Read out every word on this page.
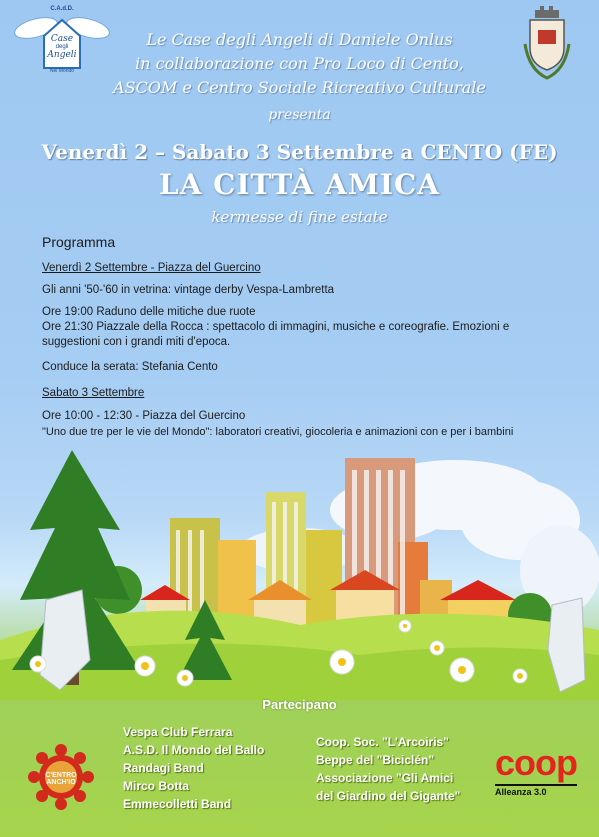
C.A.d.D.
Case
degli
Angeli
Nel Mondo
Le Case degli Angeli di Daniele Onlus
in collaborazione con Pro Loco di Cento,
ASCOM e Centro Sociale Ricreativo Culturale
presenta
Venerdì 2 – Sabato 3 Settembre a CENTO (FE)
LA CITTÀ AMICA
kermesse di fine estate
Programma
Venerdì 2 Settembre - Piazza del Guercino
Gli anni '50-'60 in vetrina: vintage derby Vespa-Lambretta
Ore 19:00 Raduno delle mitiche due ruote
Ore 21:30 Piazzale della Rocca : spettacolo di immagini, musiche e coreografie. Emozioni e
suggestioni con i grandi miti d'epoca.
Conduce la serata: Stefania Cento
Sabato 3 Settembre
Ore 10:00 - 12:30 - Piazza del Guercino
"Uno due tre per le vie del Mondo": laboratori creativi, giocoleria e animazioni con e per i bambini
Partecipano
Vespa Club Ferrara
A.S.D. Il Mondo del Ballo
Randagi Band
Mirco Botta
Emmecolletti Band
Coop. Soc. "L'Arcoiris"
Beppe del "Biciclén"
Associazione "Gli Amici
del Giardino del Gigante"
C'ENTRO ANCH'IO	coop
Alleanza 3.0
